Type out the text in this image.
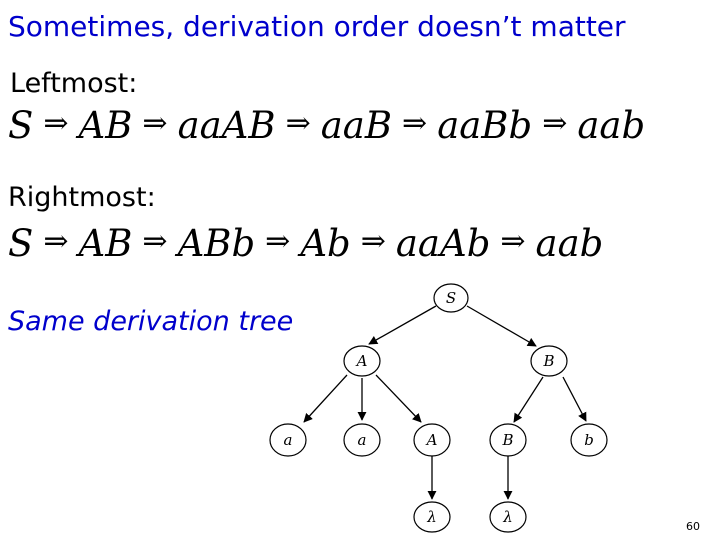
Sometimes, derivation order doesn’t matter
Leftmost:
S ⇒ AB ⇒ aaAB ⇒ aaB ⇒ aaBb ⇒ aab
Rightmost:
S ⇒ AB ⇒ ABb ⇒ Ab ⇒ aaAb ⇒ aab
Same derivation tree
S
A	B
a	a	A	B	b
λ	λ
60
